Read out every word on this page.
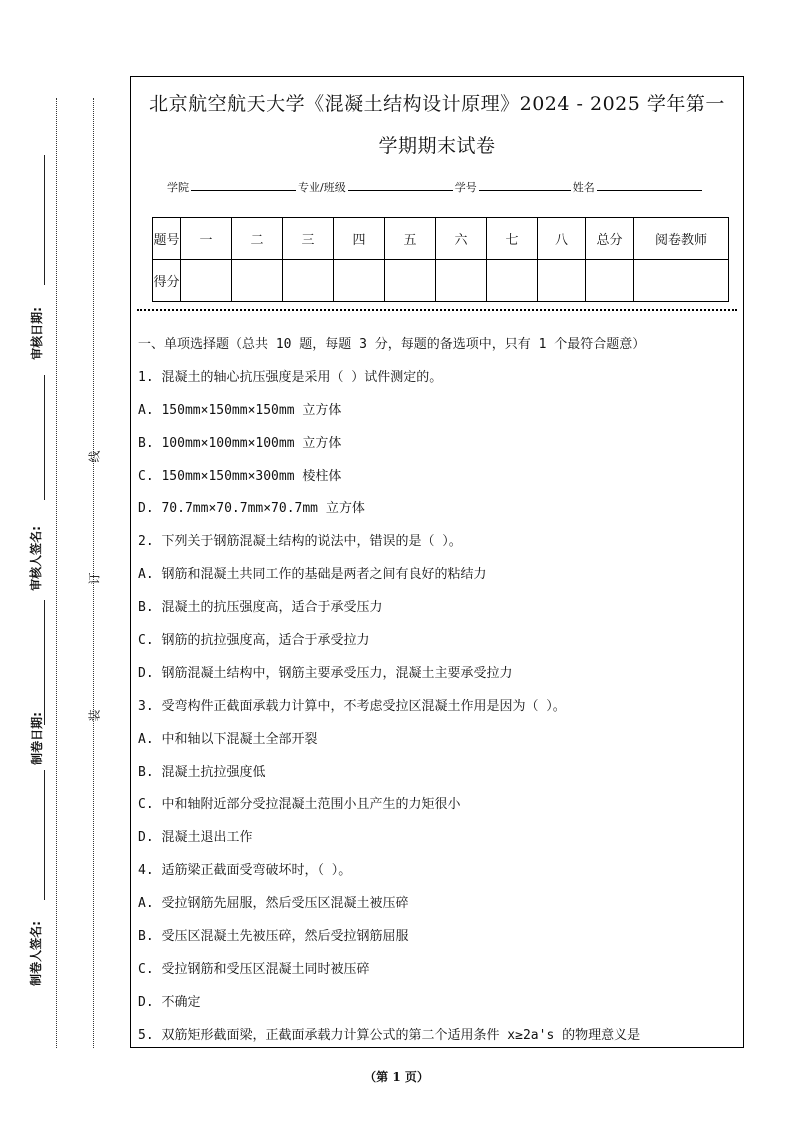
审核日期:
审核人签名:
制卷日期:
制卷人签名:
线
订
装
北京航空航天大学《混凝土结构设计原理》2024 - 2025 学年第一
学期期末试卷
学院	专业/班级	学号	姓名
题号	一	二	三	四	五	六	七	八	总分	阅卷教师
得分										
一、单项选择题（总共 10 题，每题 3 分，每题的备选项中，只有 1 个最符合题意）
1. 混凝土的轴心抗压强度是采用（ ）试件测定的。
A. 150mm×150mm×150mm 立方体
B. 100mm×100mm×100mm 立方体
C. 150mm×150mm×300mm 棱柱体
D. 70.7mm×70.7mm×70.7mm 立方体
2. 下列关于钢筋混凝土结构的说法中，错误的是（ ）。
A. 钢筋和混凝土共同工作的基础是两者之间有良好的粘结力
B. 混凝土的抗压强度高，适合于承受压力
C. 钢筋的抗拉强度高，适合于承受拉力
D. 钢筋混凝土结构中，钢筋主要承受压力，混凝土主要承受拉力
3. 受弯构件正截面承载力计算中，不考虑受拉区混凝土作用是因为（ ）。
A. 中和轴以下混凝土全部开裂
B. 混凝土抗拉强度低
C. 中和轴附近部分受拉混凝土范围小且产生的力矩很小
D. 混凝土退出工作
4. 适筋梁正截面受弯破坏时，（ ）。
A. 受拉钢筋先屈服，然后受压区混凝土被压碎
B. 受压区混凝土先被压碎，然后受拉钢筋屈服
C. 受拉钢筋和受压区混凝土同时被压碎
D. 不确定
5. 双筋矩形截面梁，正截面承载力计算公式的第二个适用条件 x≥2a's 的物理意义是
（第 1 页）
